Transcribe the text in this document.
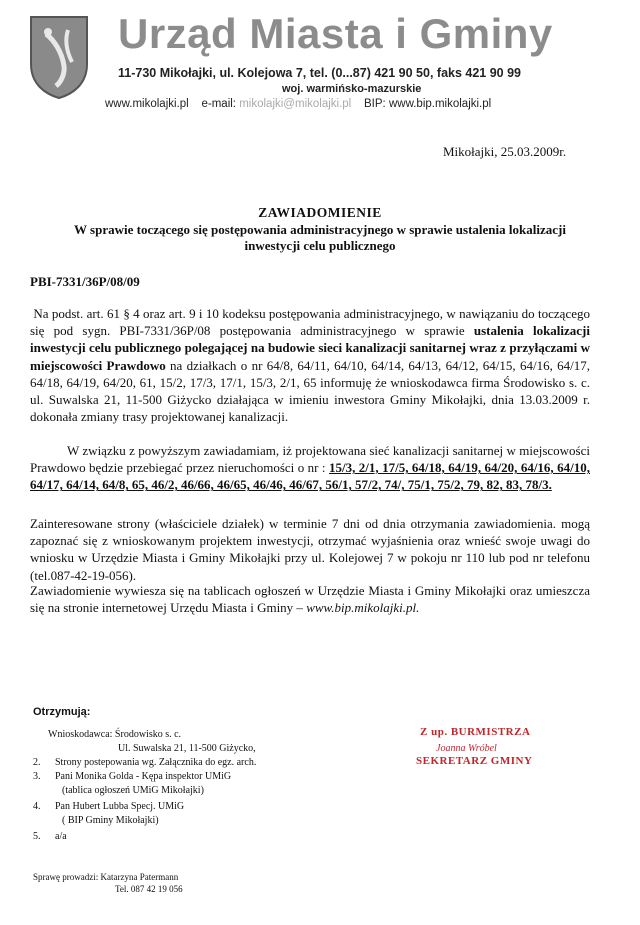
Urząd Miasta i Gminy
11-730 Mikołajki, ul. Kolejowa 7, tel. (0...87) 421 90 50, faks 421 90 99
woj. warmińsko-mazurskie
www.mikolajki.pl e-mail: mikolajki@mikolajki.pl BIP: www.bip.mikolajki.pl
Mikołajki, 25.03.2009r.
ZAWIADOMIENIE
W sprawie toczącego się postępowania administracyjnego w sprawie ustalenia lokalizacji inwestycji celu publicznego
PBI-7331/36P/08/09
Na podst. art. 61 § 4 oraz art. 9 i 10 kodeksu postępowania administracyjnego, w nawiązaniu do toczącego się pod sygn. PBI-7331/36P/08 postępowania administracyjnego w sprawie ustalenia lokalizacji inwestycji celu publicznego polegającej na budowie sieci kanalizacji sanitarnej wraz z przyłączami w miejscowości Prawdowo na działkach o nr 64/8, 64/11, 64/10, 64/14, 64/13, 64/12, 64/15, 64/16, 64/17, 64/18, 64/19, 64/20, 61, 15/2, 17/3, 17/1, 15/3, 2/1, 65 informuję że wnioskodawca firma Środowisko s. c. ul. Suwalska 21, 11-500 Giżycko działająca w imieniu inwestora Gminy Mikołajki, dnia 13.03.2009 r. dokonała zmiany trasy projektowanej kanalizacji.
W związku z powyższym zawiadamiam, iż projektowana sieć kanalizacji sanitarnej w miejscowości Prawdowo będzie przebiegać przez nieruchomości o nr : 15/3, 2/1, 17/5, 64/18, 64/19, 64/20, 64/16, 64/10, 64/17, 64/14, 64/8, 65, 46/2, 46/66, 46/65, 46/46, 46/67, 56/1, 57/2, 74/, 75/1, 75/2, 79, 82, 83, 78/3.
Zainteresowane strony (właściciele działek) w terminie 7 dni od dnia otrzymania zawiadomienia. mogą zapoznać się z wnioskowanym projektem inwestycji, otrzymać wyjaśnienia oraz wnieść swoje uwagi do wniosku w Urzędzie Miasta i Gminy Mikołajki przy ul. Kolejowej 7 w pokoju nr 110 lub pod nr telefonu (tel.087-42-19-056).
Zawiadomienie wywiesza się na tablicach ogłoszeń w Urzędzie Miasta i Gminy Mikołajki oraz umieszcza się na stronie internetowej Urzędu Miasta i Gminy – www.bip.mikolajki.pl.
Otrzymują:
Wnioskodawca: Środowisko s. c.
Ul. Suwalska 21, 11-500 Giżycko,
2. Strony postepowania wg. Załącznika do egz. arch.
3. Pani Monika Golda - Kępa inspektor UMiG
(tablica ogłoszeń UMiG Mikołajki)
4. Pan Hubert Lubba Specj. UMiG
( BIP Gminy Mikołajki)
5. a/a
Z up. BURMISTRZA
Joanna Wróbel
SEKRETARZ GMINY
Sprawę prowadzi: Katarzyna Patermann
Tel. 087 42 19 056
